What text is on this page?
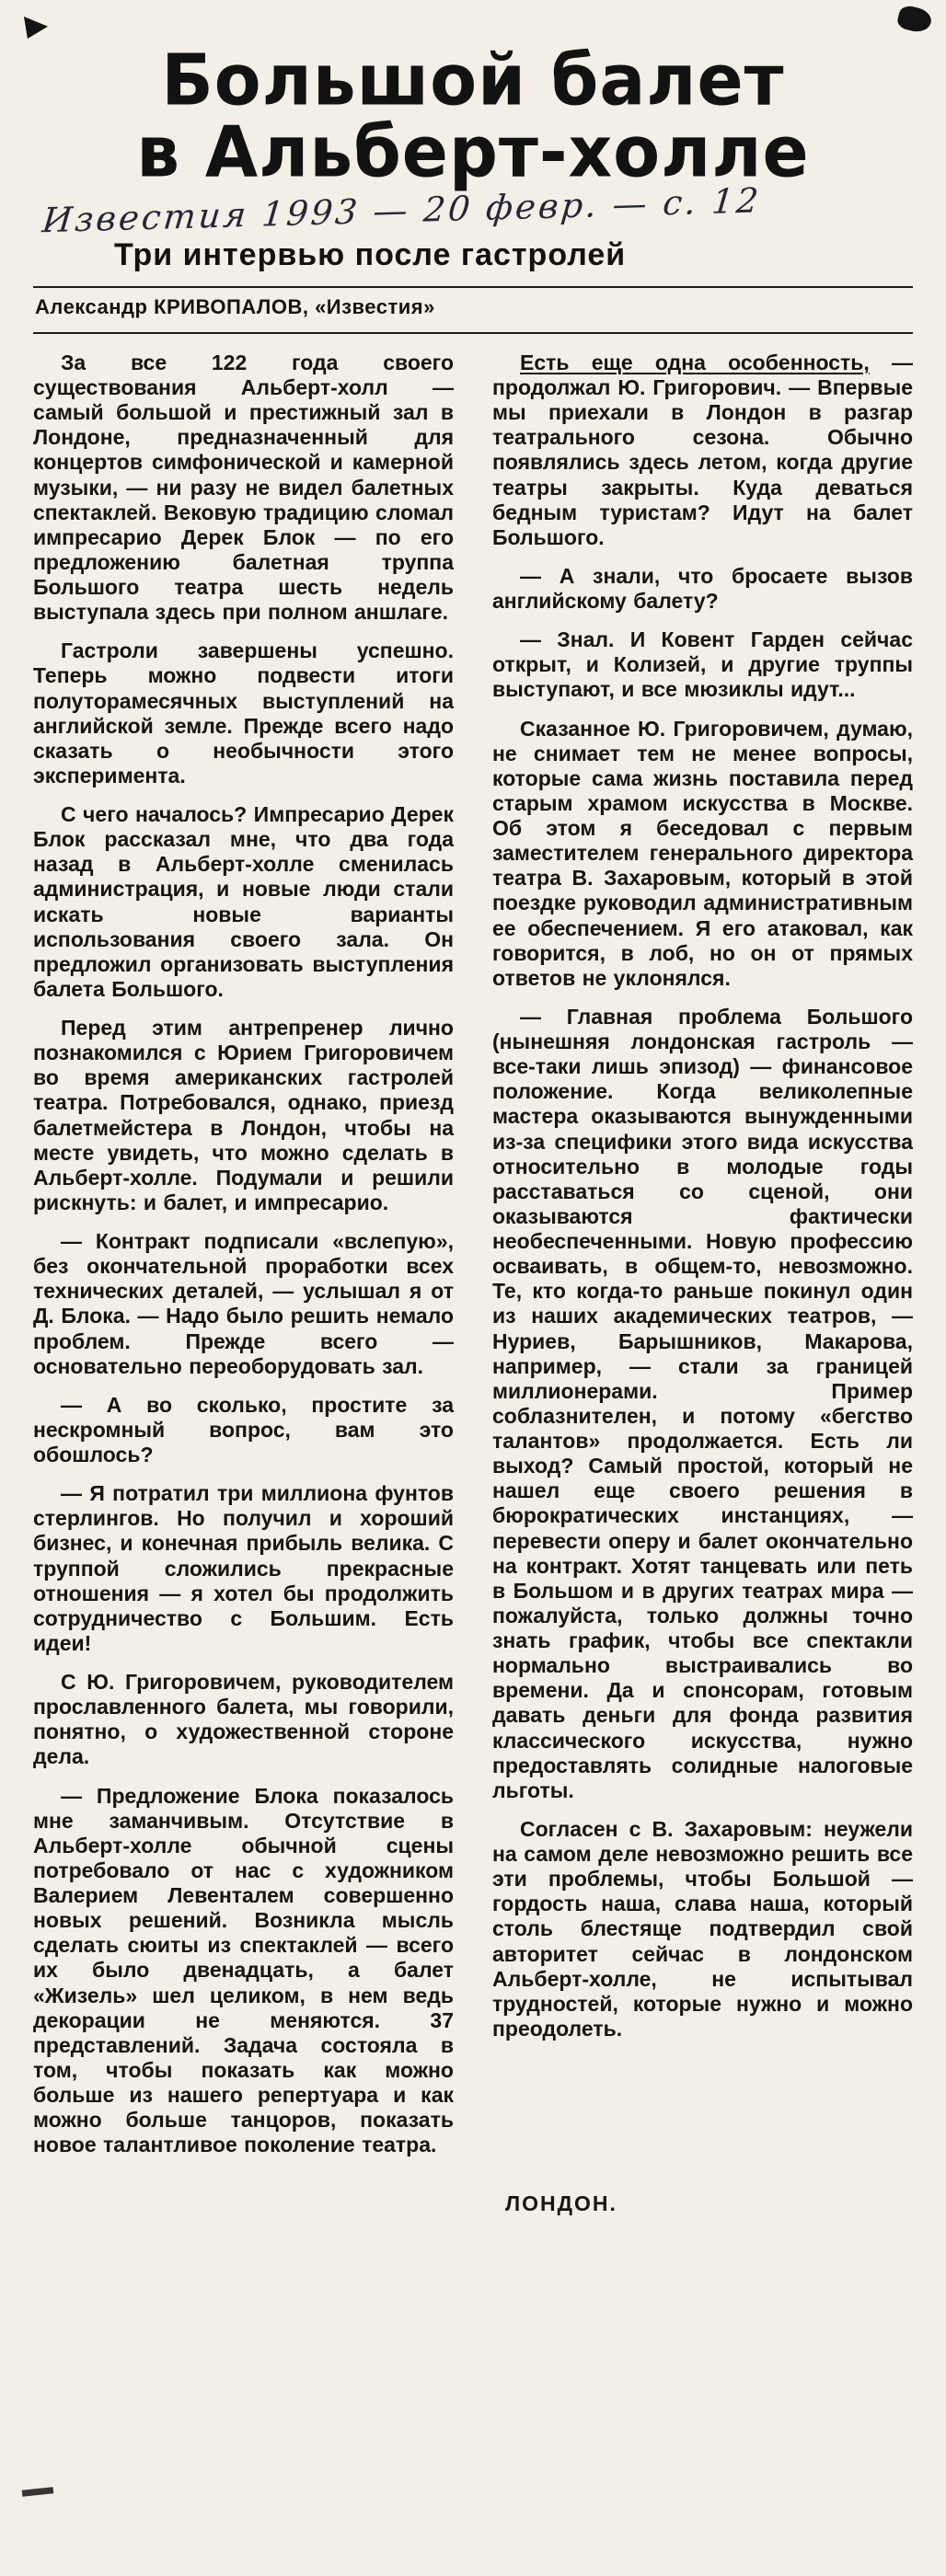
Большой балет
в Альберт-холле
Известия 1993 — 20 февр. — с. 12
Три интервью после гастролей
Александр КРИВОПАЛОВ, «Известия»

За все 122 года своего существования Альберт-холл — самый большой и престижный зал в Лондоне, предназначенный для концертов симфонической и камерной музыки, — ни разу не видел балетных спектаклей. Вековую традицию сломал импресарио Дерек Блок — по его предложению балетная труппа Большого театра шесть недель выступала здесь при полном аншлаге.

Гастроли завершены успешно. Теперь можно подвести итоги полуторамесячных выступлений на английской земле. Прежде всего надо сказать о необычности этого эксперимента.

С чего началось? Импресарио Дерек Блок рассказал мне, что два года назад в Альберт-холле сменилась администрация, и новые люди стали искать новые варианты использования своего зала. Он предложил организовать выступления балета Большого.

Перед этим антрепренер лично познакомился с Юрием Григоровичем во время американских гастролей театра. Потребовался, однако, приезд балетмейстера в Лондон, чтобы на месте увидеть, что можно сделать в Альберт-холле. Подумали и решили рискнуть: и балет, и импресарио.

— Контракт подписали «вслепую», без окончательной проработки всех технических деталей, — услышал я от Д. Блока. — Надо было решить немало проблем. Прежде всего — основательно переоборудовать зал.

— А во сколько, простите за нескромный вопрос, вам это обошлось?

— Я потратил три миллиона фунтов стерлингов. Но получил и хороший бизнес, и конечная прибыль велика. С труппой сложились прекрасные отношения — я хотел бы продолжить сотрудничество с Большим. Есть идеи!

С Ю. Григоровичем, руководителем прославленного балета, мы говорили, понятно, о художественной стороне дела.

— Предложение Блока показалось мне заманчивым. Отсутствие в Альберт-холле обычной сцены потребовало от нас с художником Валерием Левенталем совершенно новых решений. Возникла мысль сделать сюиты из спектаклей — всего их было двенадцать, а балет «Жизель» шел целиком, в нем ведь декорации не меняются. 37 представлений. Задача состояла в том, чтобы показать как можно больше из нашего репертуара и как можно больше танцоров, показать новое талантливое поколение театра.

Есть еще одна особенность, — продолжал Ю. Григорович. — Впервые мы приехали в Лондон в разгар театрального сезона. Обычно появлялись здесь летом, когда другие театры закрыты. Куда деваться бедным туристам? Идут на балет Большого.

— А знали, что бросаете вызов английскому балету?

— Знал. И Ковент Гарден сейчас открыт, и Колизей, и другие труппы выступают, и все мюзиклы идут...

Сказанное Ю. Григоровичем, думаю, не снимает тем не менее вопросы, которые сама жизнь поставила перед старым храмом искусства в Москве. Об этом я беседовал с первым заместителем генерального директора театра В. Захаровым, который в этой поездке руководил административным ее обеспечением. Я его атаковал, как говорится, в лоб, но он от прямых ответов не уклонялся.

— Главная проблема Большого (нынешняя лондонская гастроль — все-таки лишь эпизод) — финансовое положение. Когда великолепные мастера оказываются вынужденными из-за специфики этого вида искусства относительно в молодые годы расставаться со сценой, они оказываются фактически необеспеченными. Новую профессию осваивать, в общем-то, невозможно. Те, кто когда-то раньше покинул один из наших академических театров, — Нуриев, Барышников, Макарова, например, — стали за границей миллионерами. Пример соблазнителен, и потому «бегство талантов» продолжается. Есть ли выход? Самый простой, который не нашел еще своего решения в бюрократических инстанциях, — перевести оперу и балет окончательно на контракт. Хотят танцевать или петь в Большом и в других театрах мира — пожалуйста, только должны точно знать график, чтобы все спектакли нормально выстраивались во времени. Да и спонсорам, готовым давать деньги для фонда развития классического искусства, нужно предоставлять солидные налоговые льготы.

Согласен с В. Захаровым: неужели на самом деле невозможно решить все эти проблемы, чтобы Большой — гордость наша, слава наша, который столь блестяще подтвердил свой авторитет сейчас в лондонском Альберт-холле, не испытывал трудностей, которые нужно и можно преодолеть.

ЛОНДОН.
